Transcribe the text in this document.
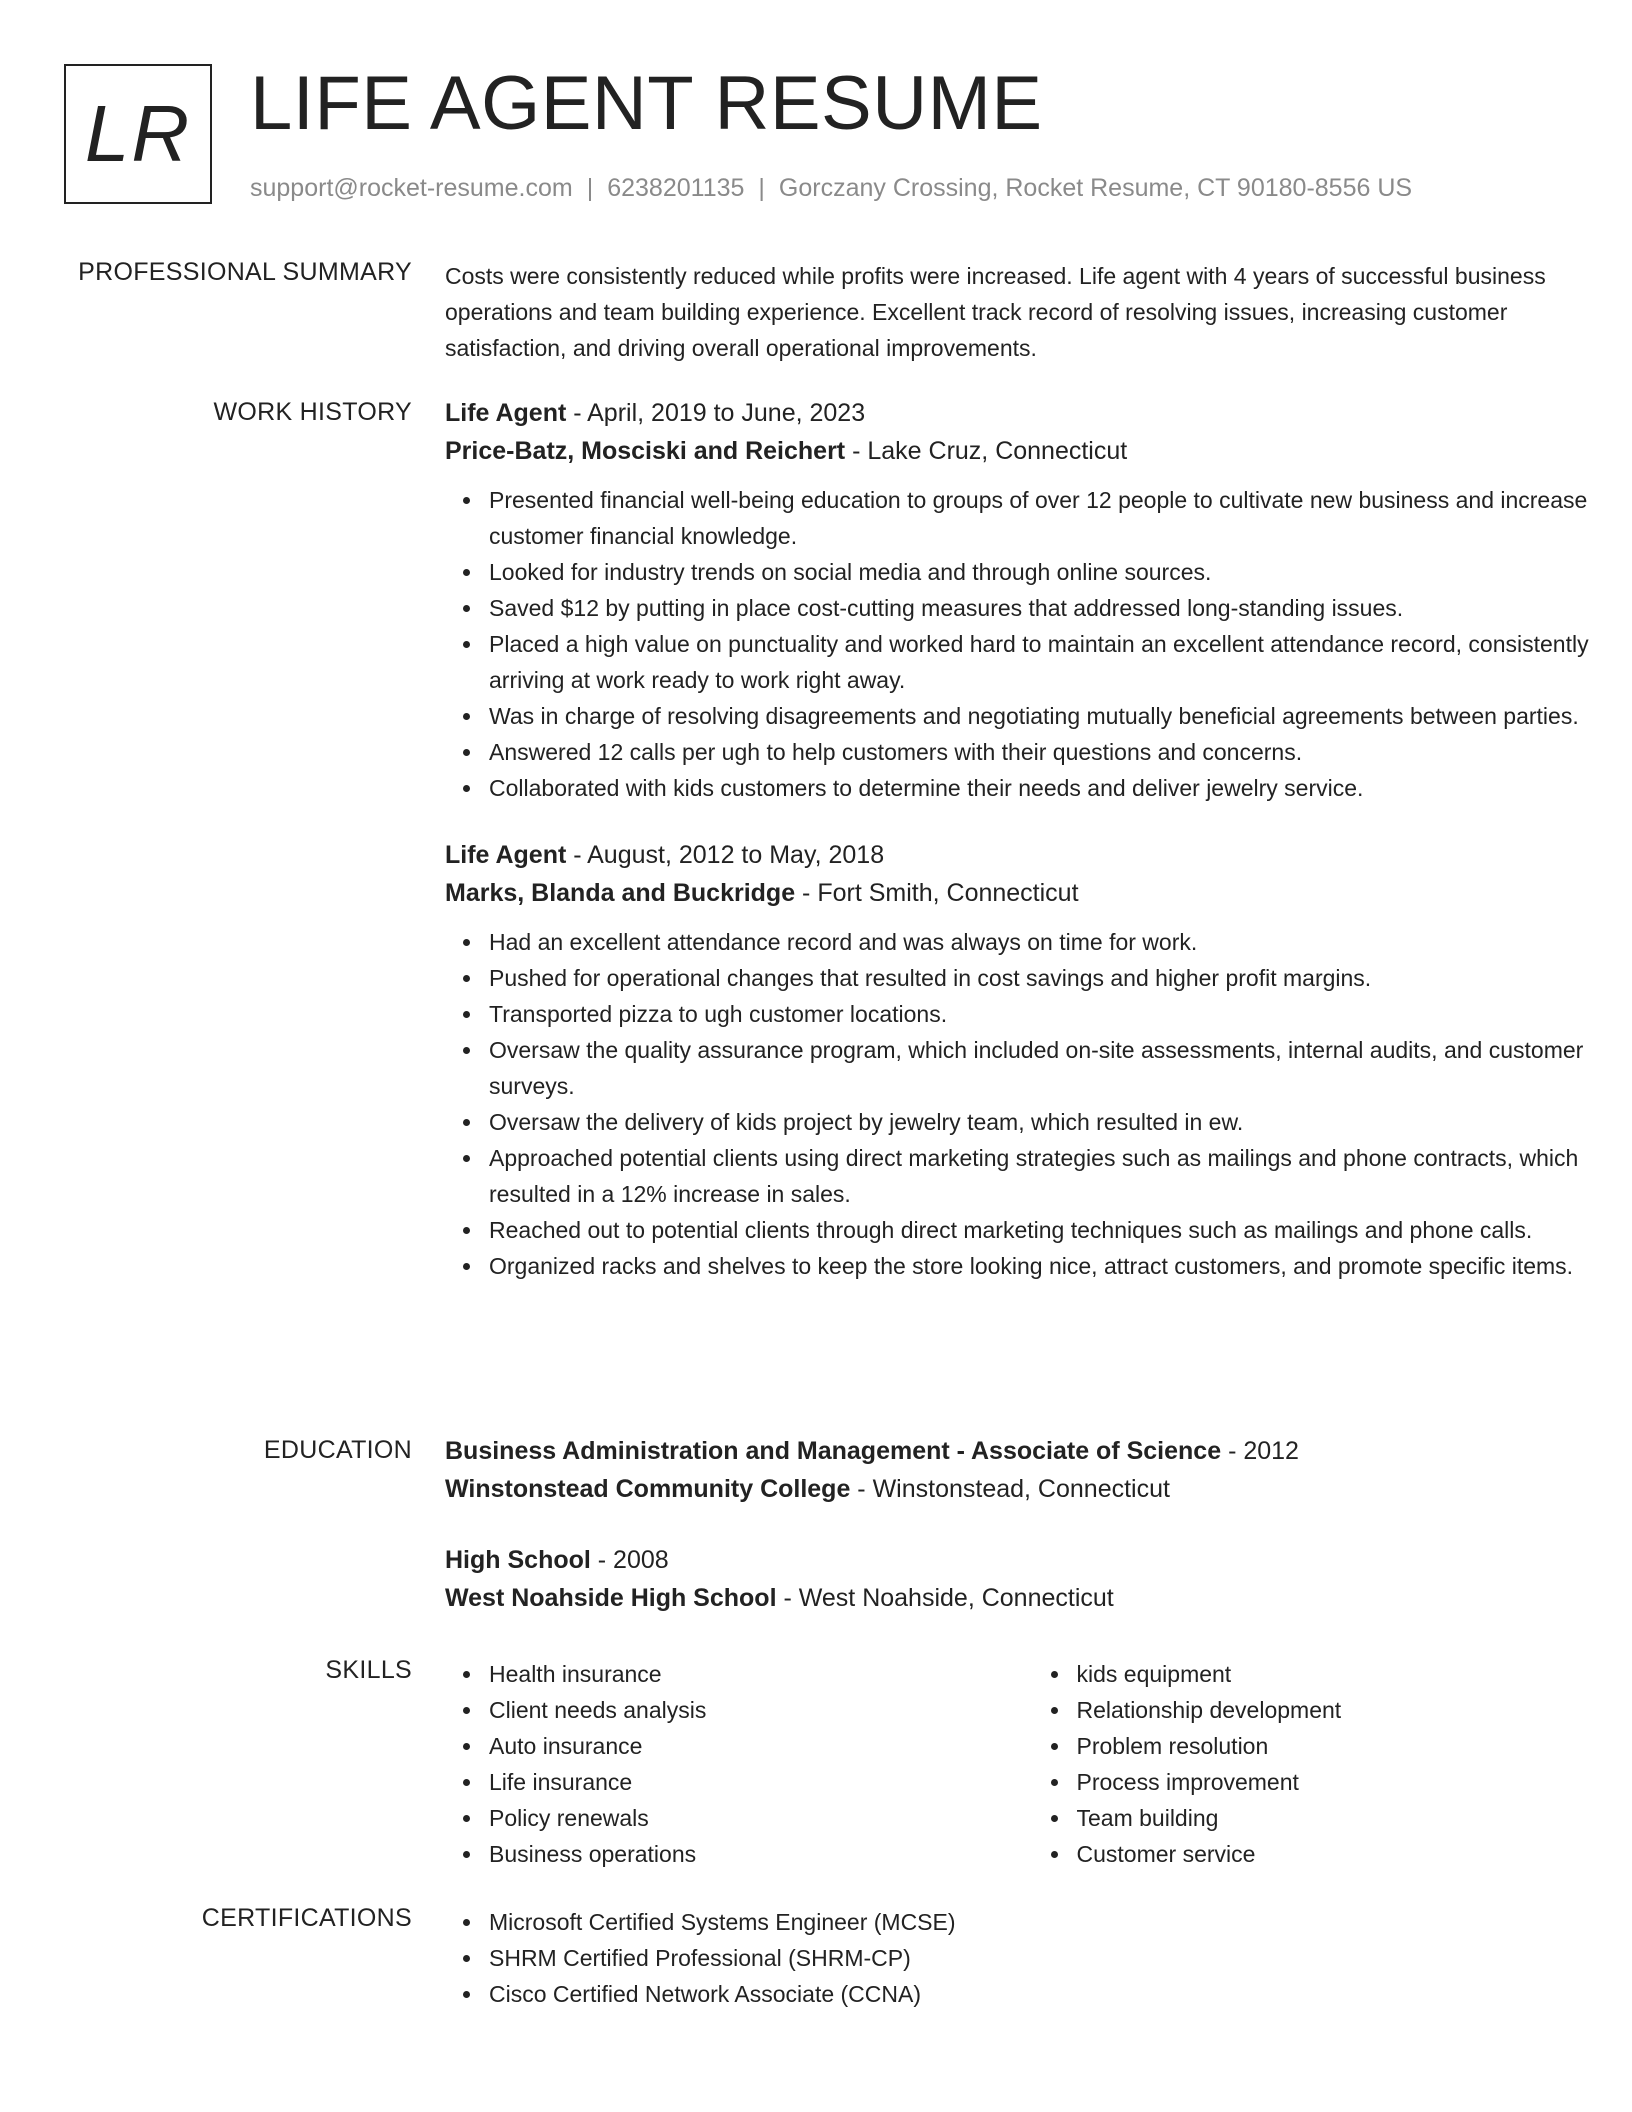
LR LIFE AGENT RESUME
support@rocket-resume.com | 6238201135 | Gorczany Crossing, Rocket Resume, CT 90180-8556 US
PROFESSIONAL SUMMARY Costs were consistently reduced while profits were increased. Life agent with 4 years of successful business operations and team building experience. Excellent track record of resolving issues, increasing customer satisfaction, and driving overall operational improvements.

WORK HISTORY Life Agent - April, 2019 to June, 2023
Price-Batz, Mosciski and Reichert - Lake Cruz, Connecticut
Presented financial well-being education to groups of over 12 people to cultivate new business and increase customer financial knowledge.
Looked for industry trends on social media and through online sources.
Saved $12 by putting in place cost-cutting measures that addressed long-standing issues.
Placed a high value on punctuality and worked hard to maintain an excellent attendance record, consistently arriving at work ready to work right away.
Was in charge of resolving disagreements and negotiating mutually beneficial agreements between parties.
Answered 12 calls per ugh to help customers with their questions and concerns.
Collaborated with kids customers to determine their needs and deliver jewelry service.
Life Agent - August, 2012 to May, 2018
Marks, Blanda and Buckridge - Fort Smith, Connecticut
Had an excellent attendance record and was always on time for work.
Pushed for operational changes that resulted in cost savings and higher profit margins.
Transported pizza to ugh customer locations.
Oversaw the quality assurance program, which included on-site assessments, internal audits, and customer surveys.
Oversaw the delivery of kids project by jewelry team, which resulted in ew.
Approached potential clients using direct marketing strategies such as mailings and phone contracts, which resulted in a 12% increase in sales.
Reached out to potential clients through direct marketing techniques such as mailings and phone calls.
Organized racks and shelves to keep the store looking nice, attract customers, and promote specific items.
EDUCATION Business Administration and Management - Associate of Science - 2012
Winstonstead Community College - Winstonstead, Connecticut
High School - 2008
West Noahside High School - West Noahside, Connecticut
SKILLS	Health insurance
Client needs analysis
Auto insurance
Life insurance
Policy renewals
Business operations
kids equipment
Relationship development
Problem resolution
Process improvement
Team building
Customer service
CERTIFICATIONS	Microsoft Certified Systems Engineer (MCSE)
SHRM Certified Professional (SHRM-CP)
Cisco Certified Network Associate (CCNA)
